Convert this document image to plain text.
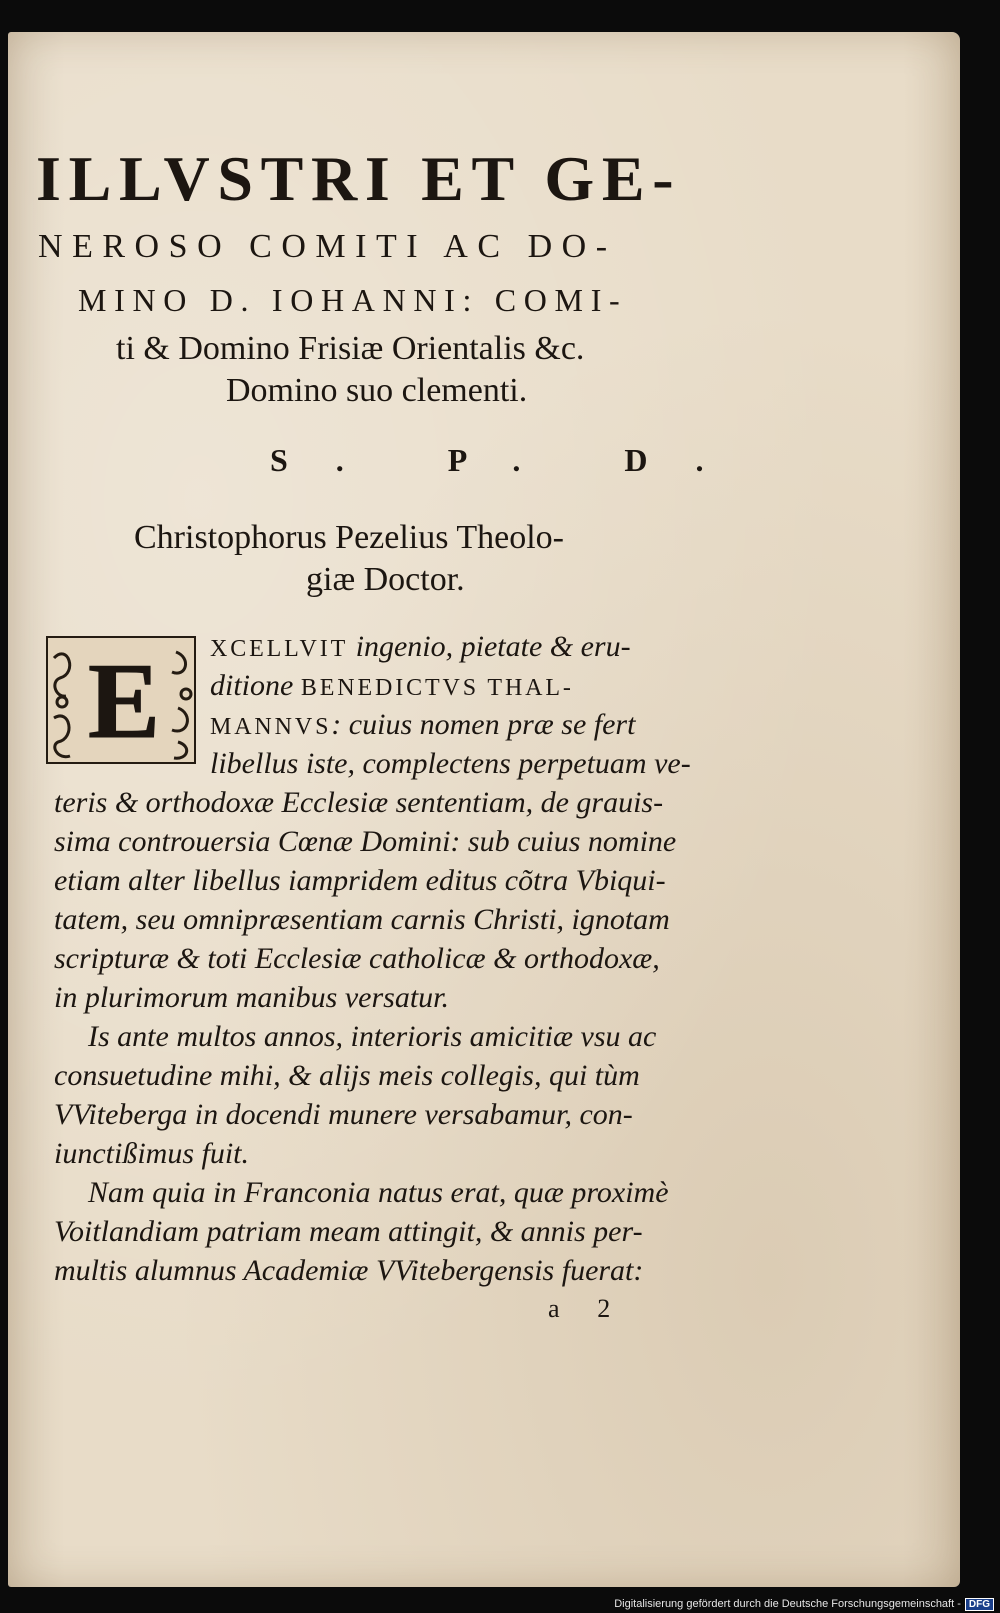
ILLVSTRI ET GE-
NEROSO COMITI AC DO-
MINO D. IOHANNI: COMI-
ti & Domino Frisiæ Orientalis &c.
Domino suo clementi.
S. P. D.
Christophorus Pezelius Theolo-
giæ Doctor.
E	XCELLVIT ingenio, pietate & eru-
ditione BENEDICTVS THAL-
MANNVS: cuius nomen præ se fert
libellus iste, complectens perpetuam ve-
teris & orthodoxæ Ecclesiæ sententiam, de grauis-
sima controuersia Cœnæ Domini: sub cuius nomine
etiam alter libellus iampridem editus cõtra Vbiqui-
tatem, seu omnipræsentiam carnis Christi, ignotam
scripturæ & toti Ecclesiæ catholicæ & orthodoxæ,
in plurimorum manibus versatur.
Is ante multos annos, interioris amicitiæ vsu ac
consuetudine mihi, & alijs meis collegis, qui tùm
VViteberga in docendi munere versabamur, con-
iunctißimus fuit.
Nam quia in Franconia natus erat, quæ proximè
Voitlandiam patriam meam attingit, & annis per-
multis alumnus Academiæ VVitebergensis fuerat:
a 2
Digitalisierung gefördert durch die Deutsche Forschungsgemeinschaft - DFG
